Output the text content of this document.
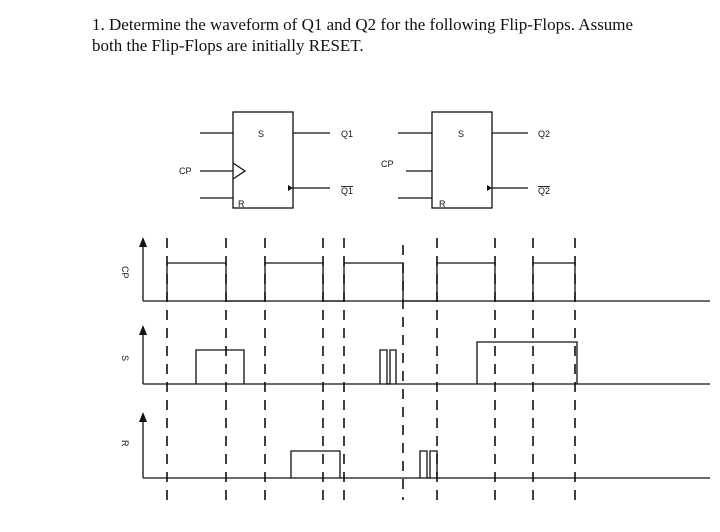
1. Determine the waveform of Q1 and Q2 for the following Flip-Flops. Assume
both the Flip-Flops are initially RESET.
S
CP
R
Q1
Q1
S
CP
R
Q2
Q2
CP
S
R
